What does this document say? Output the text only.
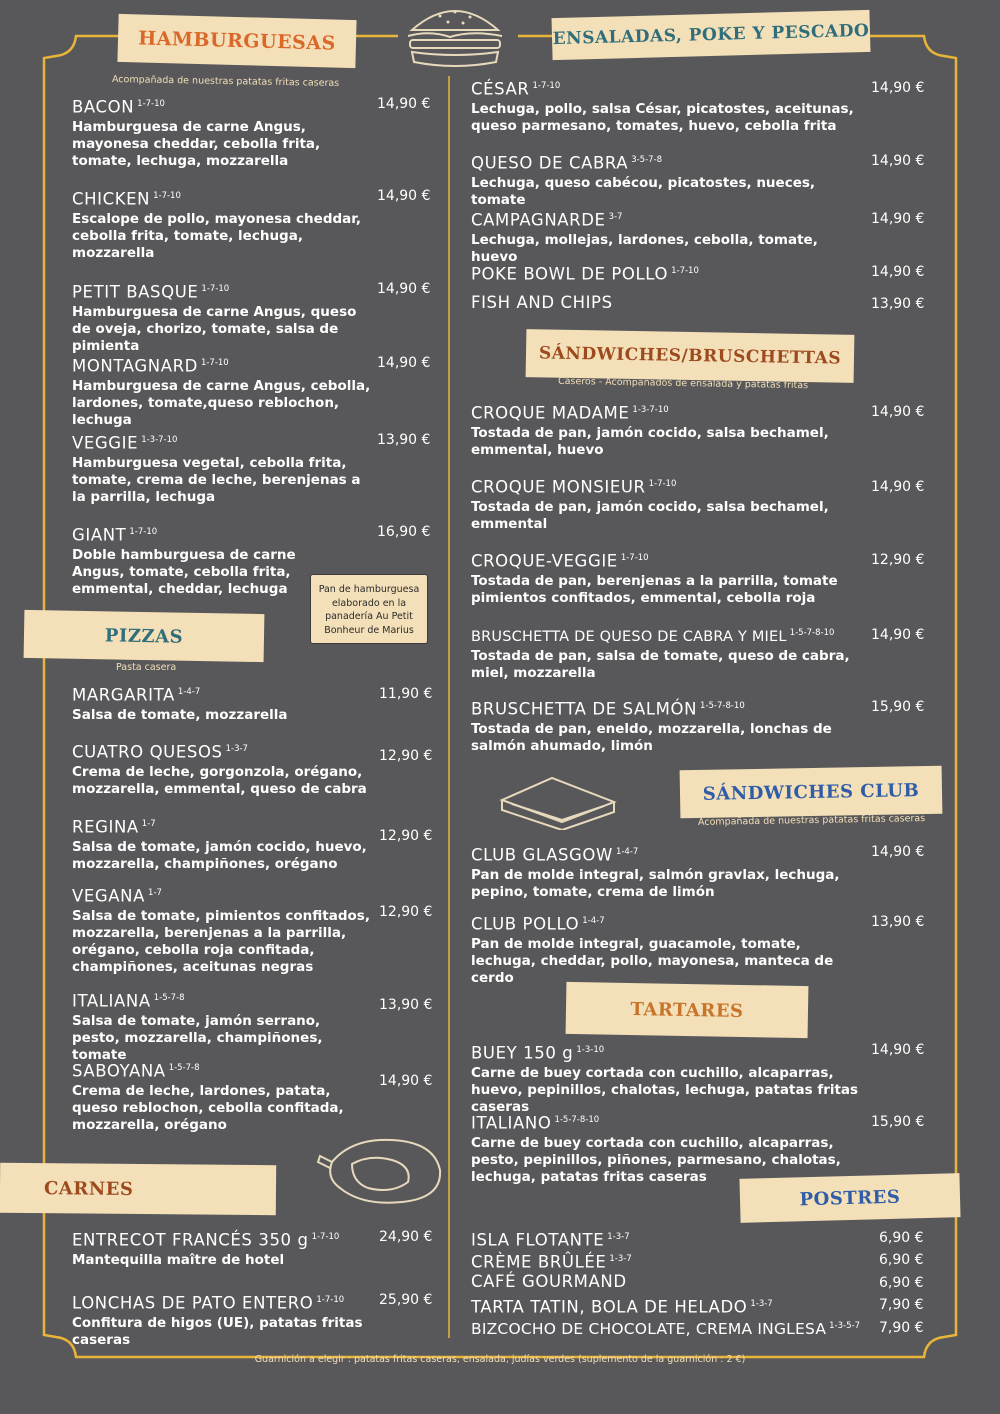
HAMBURGUESAS
Acompañada de nuestras patatas fritas caseras
ENSALADAS, POKE Y PESCADO
SÁNDWICHES/BRUSCHETTAS
Caseros - Acompañados de ensalada y patatas fritas
PIZZAS
Pasta casera
SÁNDWICHES CLUB
Acompañada de nuestras patatas fritas caseras
TARTARES
POSTRES
CARNES
Pan de hamburguesa elaborado en la panadería Au Petit Bonheur de Marius
BACON $^{1-7-10}$
Hamburguesa de carne Angus, mayonesa cheddar, cebolla frita, tomate, lechuga, mozzarella
14,90 €
CHICKEN $^{1-7-10}$
Escalope de pollo, mayonesa cheddar, cebolla frita, tomate, lechuga, mozzarella
14,90 €
PETIT BASQUE $^{1-7-10}$
Hamburguesa de carne Angus, queso de oveja, chorizo, tomate, salsa de pimienta
14,90 €
MONTAGNARD $^{1-7-10}$
Hamburguesa de carne Angus, cebolla, lardones, tomate,queso reblochon, lechuga
14,90 €
VEGGIE $^{1-3-7-10}$
Hamburguesa vegetal, cebolla frita, tomate, crema de leche, berenjenas a la parrilla, lechuga
13,90 €
GIANT $^{1-7-10}$
Doble hamburguesa de carne Angus, tomate, cebolla frita, emmental, cheddar, lechuga
16,90 €
MARGARITA $^{1-4-7}$
Salsa de tomate, mozzarella
11,90 €
CUATRO QUESOS $^{1-3-7}$
Crema de leche, gorgonzola, orégano, mozzarella, emmental, queso de cabra
12,90 €
REGINA $^{1-7}$
Salsa de tomate, jamón cocido, huevo, mozzarella, champiñones, orégano
12,90 €
VEGANA $^{1-7}$
Salsa de tomate, pimientos confitados, mozzarella, berenjenas a la parrilla, orégano, cebolla roja confitada, champiñones, aceitunas negras
12,90 €
ITALIANA $^{1-5-7-8}$
Salsa de tomate, jamón serrano, pesto, mozzarella, champiñones, tomate
13,90 €
SABOYANA $^{1-5-7-8}$
Crema de leche, lardones, patata, queso reblochon, cebolla confitada, mozzarella, orégano
14,90 €
ENTRECOT FRANCÉS 350 g $^{1-7-10}$
Mantequilla maître de hotel
24,90 €
LONCHAS DE PATO ENTERO $^{1-7-10}$
Confitura de higos (UE), patatas fritas caseras
25,90 €
CÉSAR $^{1-7-10}$
Lechuga, pollo, salsa César, picatostes, aceitunas, queso parmesano, tomates, huevo, cebolla frita
14,90 €
QUESO DE CABRA $^{3-5-7-8}$
Lechuga, queso cabécou, picatostes, nueces, tomate
14,90 €
CAMPAGNARDE $^{3-7}$
Lechuga, mollejas, lardones, cebolla, tomate, huevo
14,90 €
POKE BOWL DE POLLO $^{1-7-10}$	14,90 €
FISH AND CHIPS	13,90 €
CROQUE MADAME $^{1-3-7-10}$
Tostada de pan, jamón cocido, salsa bechamel, emmental, huevo
14,90 €
CROQUE MONSIEUR $^{1-7-10}$
Tostada de pan, jamón cocido, salsa bechamel, emmental
14,90 €
CROQUE-VEGGIE $^{1-7-10}$
Tostada de pan, berenjenas a la parrilla, tomate pimientos confitados, emmental, cebolla roja
12,90 €
BRUSCHETTA DE QUESO DE CABRA Y MIEL $^{1-5-7-8-10}$
Tostada de pan, salsa de tomate, queso de cabra, miel, mozzarella
14,90 €
BRUSCHETTA DE SALMÓN $^{1-5-7-8-10}$
Tostada de pan, eneldo, mozzarella, lonchas de salmón ahumado, limón
15,90 €
CLUB GLASGOW $^{1-4-7}$
Pan de molde integral, salmón gravlax, lechuga, pepino, tomate, crema de limón
14,90 €
CLUB POLLO $^{1-4-7}$
Pan de molde integral, guacamole, tomate, lechuga, cheddar, pollo, mayonesa, manteca de cerdo
13,90 €
BUEY 150 g $^{1-3-10}$
Carne de buey cortada con cuchillo, alcaparras, huevo, pepinillos, chalotas, lechuga, patatas fritas caseras
14,90 €
ITALIANO $^{1-5-7-8-10}$
Carne de buey cortada con cuchillo, alcaparras, pesto, pepinillos, piñones, parmesano, chalotas, lechuga, patatas fritas caseras
15,90 €
ISLA FLOTANTE $^{1-3-7}$	6,90 €
CRÈME BRÛLÉE $^{1-3-7}$	6,90 €
CAFÉ GOURMAND	6,90 €
TARTA TATIN, BOLA DE HELADO $^{1-3-7}$	7,90 €
BIZCOCHO DE CHOCOLATE, CREMA INGLESA $^{1-3-5-7}$	7,90 €
Guarnición a elegir : patatas fritas caseras, ensalada, judías verdes (suplemento de la guarnición : 2 €)
